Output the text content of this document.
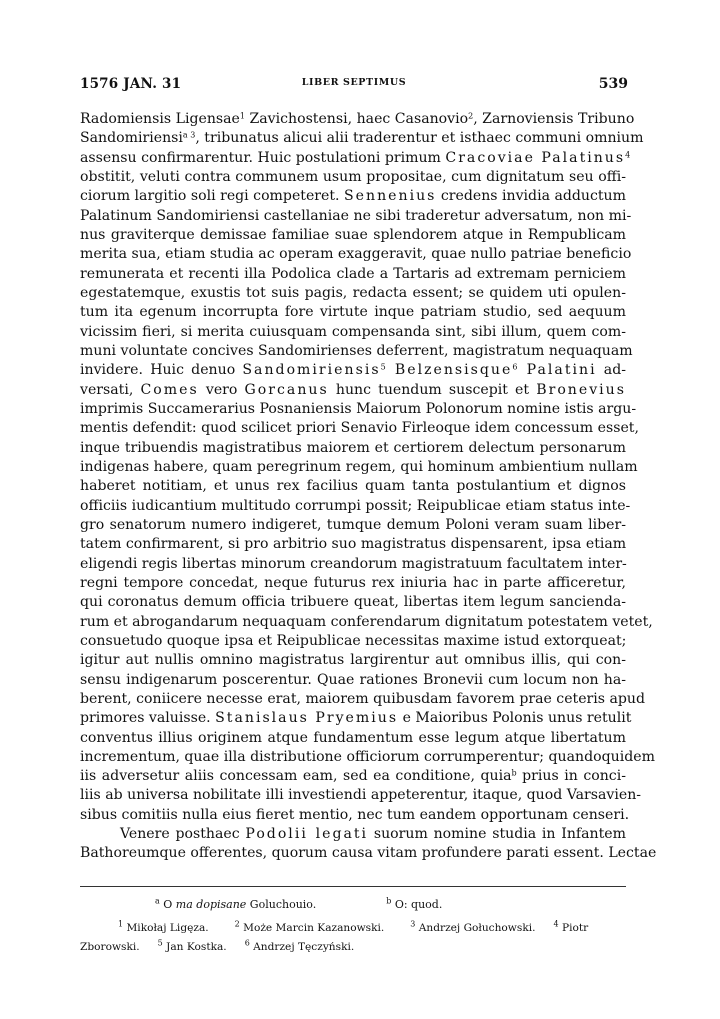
1576 JAN. 31	LIBER SEPTIMUS	539
Radomiensis Ligensae$^1$ Zavichostensi, haec Casanovio$^2$, Zarnoviensis Tribuno
Sandomiriensi$^{a 3}$, tribunatus alicui alii traderentur et isthaec communi omnium
assensu confirmarentur. Huic postulationi primum Cracoviae Palatinus$^4$
obstitit, veluti contra communem usum propositae, cum dignitatum seu offi-
ciorum largitio soli regi competeret. Sennenius credens invidia adductum
Palatinum Sandomiriensi castellaniae ne sibi traderetur adversatum, non mi-
nus graviterque demissae familiae suae splendorem atque in Rempublicam
merita sua, etiam studia ac operam exaggeravit, quae nullo patriae beneficio
remunerata et recenti illa Podolica clade a Tartaris ad extremam perniciem
egestatemque, exustis tot suis pagis, redacta essent; se quidem uti opulen-
tum ita egenum incorrupta fore virtute inque patriam studio, sed aequum
vicissim fieri, si merita cuiusquam compensanda sint, sibi illum, quem com-
muni voluntate concives Sandomirienses deferrent, magistratum nequaquam
invidere. Huic denuo Sandomiriensis$^5$ Belzensisque$^6$ Palatini ad-
versati, Comes vero Gorcanus hunc tuendum suscepit et Bronevius
imprimis Succamerarius Posnaniensis Maiorum Polonorum nomine istis argu-
mentis defendit: quod scilicet priori Senavio Firleoque idem concessum esset,
inque tribuendis magistratibus maiorem et certiorem delectum personarum
indigenas habere, quam peregrinum regem, qui hominum ambientium nullam
haberet notitiam, et unus rex facilius quam tanta postulantium et dignos
officiis iudicantium multitudo corrumpi possit; Reipublicae etiam status inte-
gro senatorum numero indigeret, tumque demum Poloni veram suam liber-
tatem confirmarent, si pro arbitrio suo magistratus dispensarent, ipsa etiam
eligendi regis libertas minorum creandorum magistratuum facultatem inter-
regni tempore concedat, neque futurus rex iniuria hac in parte afficeretur,
qui coronatus demum officia tribuere queat, libertas item legum sancienda-
rum et abrogandarum nequaquam conferendarum dignitatum potestatem vetet,
consuetudo quoque ipsa et Reipublicae necessitas maxime istud extorqueat;
igitur aut nullis omnino magistratus largirentur aut omnibus illis, qui con-
sensu indigenarum poscerentur. Quae rationes Bronevii cum locum non ha-
berent, coniicere necesse erat, maiorem quibusdam favorem prae ceteris apud
primores valuisse. Stanislaus Pryemius e Maioribus Polonis unus retulit
conventus illius originem atque fundamentum esse legum atque libertatum
incrementum, quae illa distributione officiorum corrumperentur; quandoquidem
iis adversetur aliis concessam eam, sed ea conditione, quia$^b$ prius in conci-
liis ab universa nobilitate illi investiendi appeterentur, itaque, quod Varsavien-
sibus comitiis nulla eius fieret mentio, nec tum eandem opportunam censeri.
Venere posthaec Podolii legati suorum nomine studia in Infantem
Bathoreumque offerentes, quorum causa vitam profundere parati essent. Lectae
$^a$ O ma dopisane Goluchouio.	$^b$ O: quod.
$^1$ Mikołaj Ligęza.	$^2$ Może Marcin Kazanowski.	$^3$ Andrzej Gołuchowski. $^4$ Piotr
Zborowski. $^5$ Jan Kostka. $^6$ Andrzej Tęczyński.
